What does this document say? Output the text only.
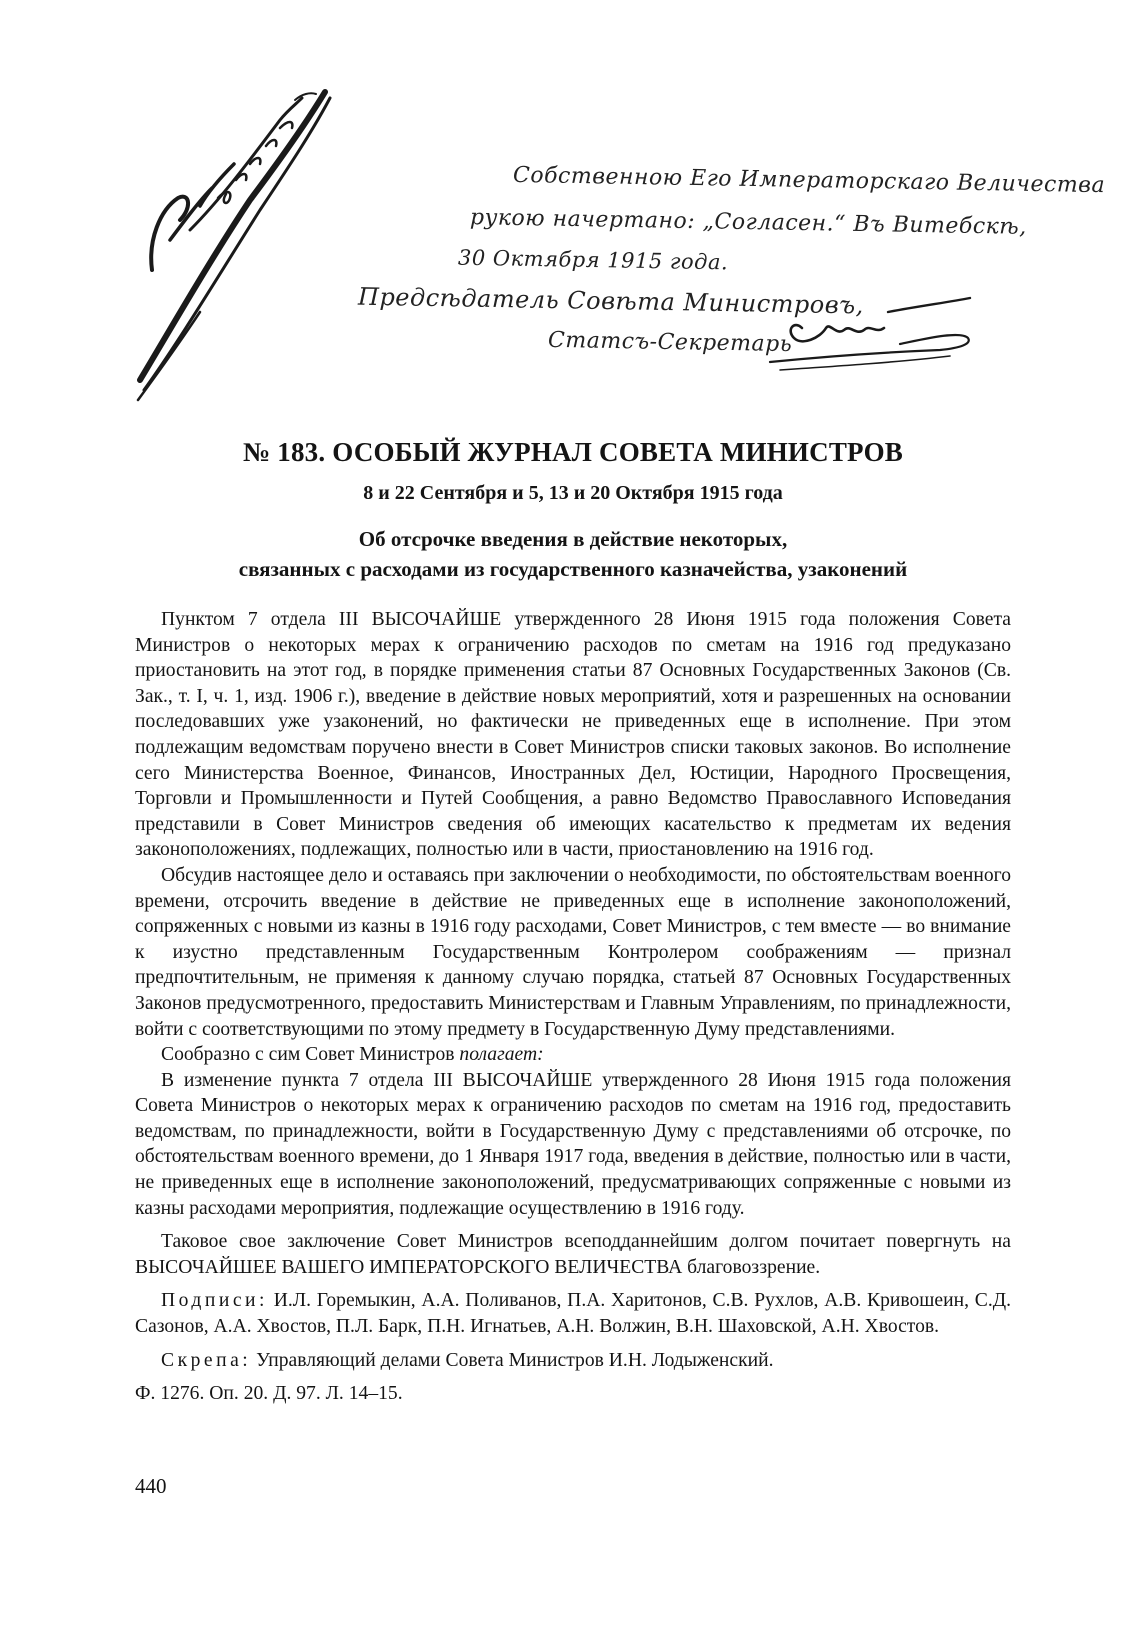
Собственною Его Императорскаго Величества
рукою начертано: „Согласен.“ Въ Витебскѣ,
30 Октября 1915 года.
Предсѣдатель Совѣта Министровъ,
Статсъ-Секретарь
№ 183. ОСОБЫЙ ЖУРНАЛ СОВЕТА МИНИСТРОВ
8 и 22 Сентября и 5, 13 и 20 Октября 1915 года
Об отсрочке введения в действие некоторых,
связанных с расходами из государственного казначейства, узаконений

Пунктом 7 отдела III ВЫСОЧАЙШЕ утвержденного 28 Июня 1915 года положения Совета Министров о некоторых мерах к ограничению расходов по сметам на 1916 год предуказано приостановить на этот год, в порядке применения статьи 87 Основных Государственных Законов (Св. Зак., т. I, ч. 1, изд. 1906 г.), введение в действие новых мероприятий, хотя и разрешенных на основании последовавших уже узаконений, но фактически не приведенных еще в исполнение. При этом подлежащим ведомствам поручено внести в Совет Министров списки таковых законов. Во исполнение сего Министерства Военное, Финансов, Иностранных Дел, Юстиции, Народного Просвещения, Торговли и Промышленности и Путей Сообщения, а равно Ведомство Православного Исповедания представили в Совет Министров сведения об имеющих касательство к предметам их ведения законоположениях, подлежащих, полностью или в части, приостановлению на 1916 год.

Обсудив настоящее дело и оставаясь при заключении о необходимости, по обстоятельствам военного времени, отсрочить введение в действие не приведенных еще в исполнение законоположений, сопряженных с новыми из казны в 1916 году расходами, Совет Министров, с тем вместе — во внимание к изустно представленным Государственным Контролером соображениям — признал предпочтительным, не применяя к данному случаю порядка, статьей 87 Основных Государственных Законов предусмотренного, предоставить Министерствам и Главным Управлениям, по принадлежности, войти с соответствующими по этому предмету в Государственную Думу представлениями.

Сообразно с сим Совет Министров полагает:

В изменение пункта 7 отдела III ВЫСОЧАЙШЕ утвержденного 28 Июня 1915 года положения Совета Министров о некоторых мерах к ограничению расходов по сметам на 1916 год, предоставить ведомствам, по принадлежности, войти в Государственную Думу с представлениями об отсрочке, по обстоятельствам военного времени, до 1 Января 1917 года, введения в действие, полностью или в части, не приведенных еще в исполнение законоположений, предусматривающих сопряженные с новыми из казны расходами мероприятия, подлежащие осуществлению в 1916 году.

Таковое свое заключение Совет Министров всеподданнейшим долгом почитает повергнуть на ВЫСОЧАЙШЕЕ ВАШЕГО ИМПЕРАТОРСКОГО ВЕЛИЧЕСТВА благовоззрение.

Подписи: И.Л. Горемыкин, А.А. Поливанов, П.А. Харитонов, С.В. Рухлов, А.В. Кривошеин, С.Д. Сазонов, А.А. Хвостов, П.Л. Барк, П.Н. Игнатьев, А.Н. Волжин, В.Н. Шаховской, А.Н. Хвостов.

Скрепа: Управляющий делами Совета Министров И.Н. Лодыженский.

Ф. 1276. Оп. 20. Д. 97. Л. 14–15.

440
